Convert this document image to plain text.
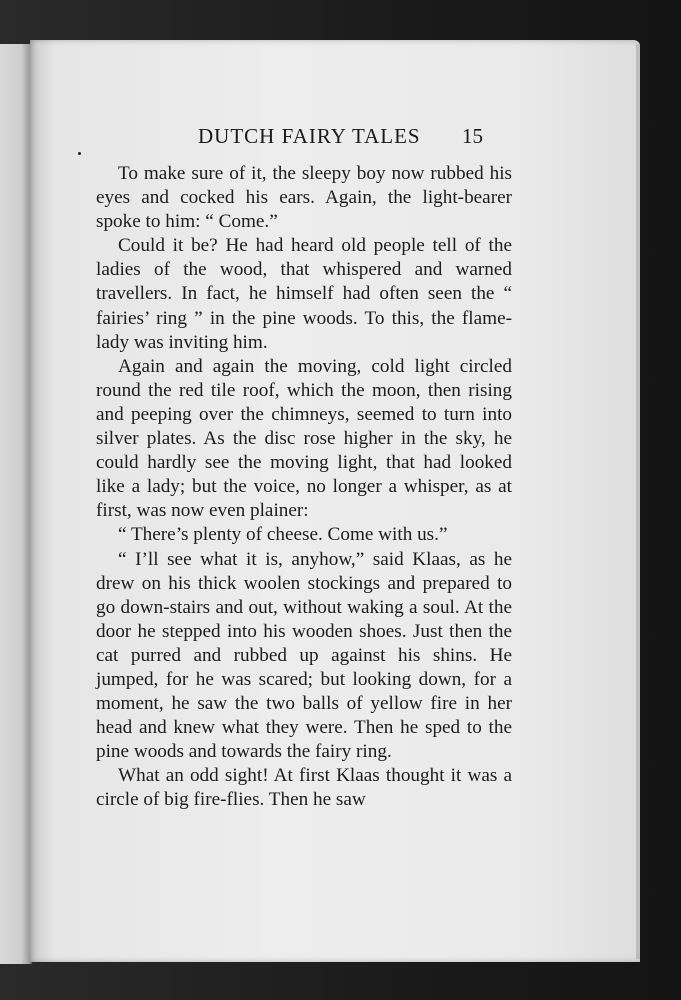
DUTCH FAIRY TALES 15

To make sure of it, the sleepy boy now rubbed his eyes and cocked his ears. Again, the light-bearer spoke to him: “ Come.”

Could it be? He had heard old people tell of the ladies of the wood, that whispered and warned travellers. In fact, he himself had often seen the “ fairies’ ring ” in the pine woods. To this, the flame-lady was inviting him.

Again and again the moving, cold light circled round the red tile roof, which the moon, then rising and peeping over the chimneys, seemed to turn into silver plates. As the disc rose higher in the sky, he could hardly see the moving light, that had looked like a lady; but the voice, no longer a whisper, as at first, was now even plainer:

“ There’s plenty of cheese. Come with us.”

“ I’ll see what it is, anyhow,” said Klaas, as he drew on his thick woolen stockings and prepared to go down-stairs and out, without waking a soul. At the door he stepped into his wooden shoes. Just then the cat purred and rubbed up against his shins. He jumped, for he was scared; but looking down, for a moment, he saw the two balls of yellow fire in her head and knew what they were. Then he sped to the pine woods and towards the fairy ring.

What an odd sight! At first Klaas thought it was a circle of big fire-flies. Then he saw
